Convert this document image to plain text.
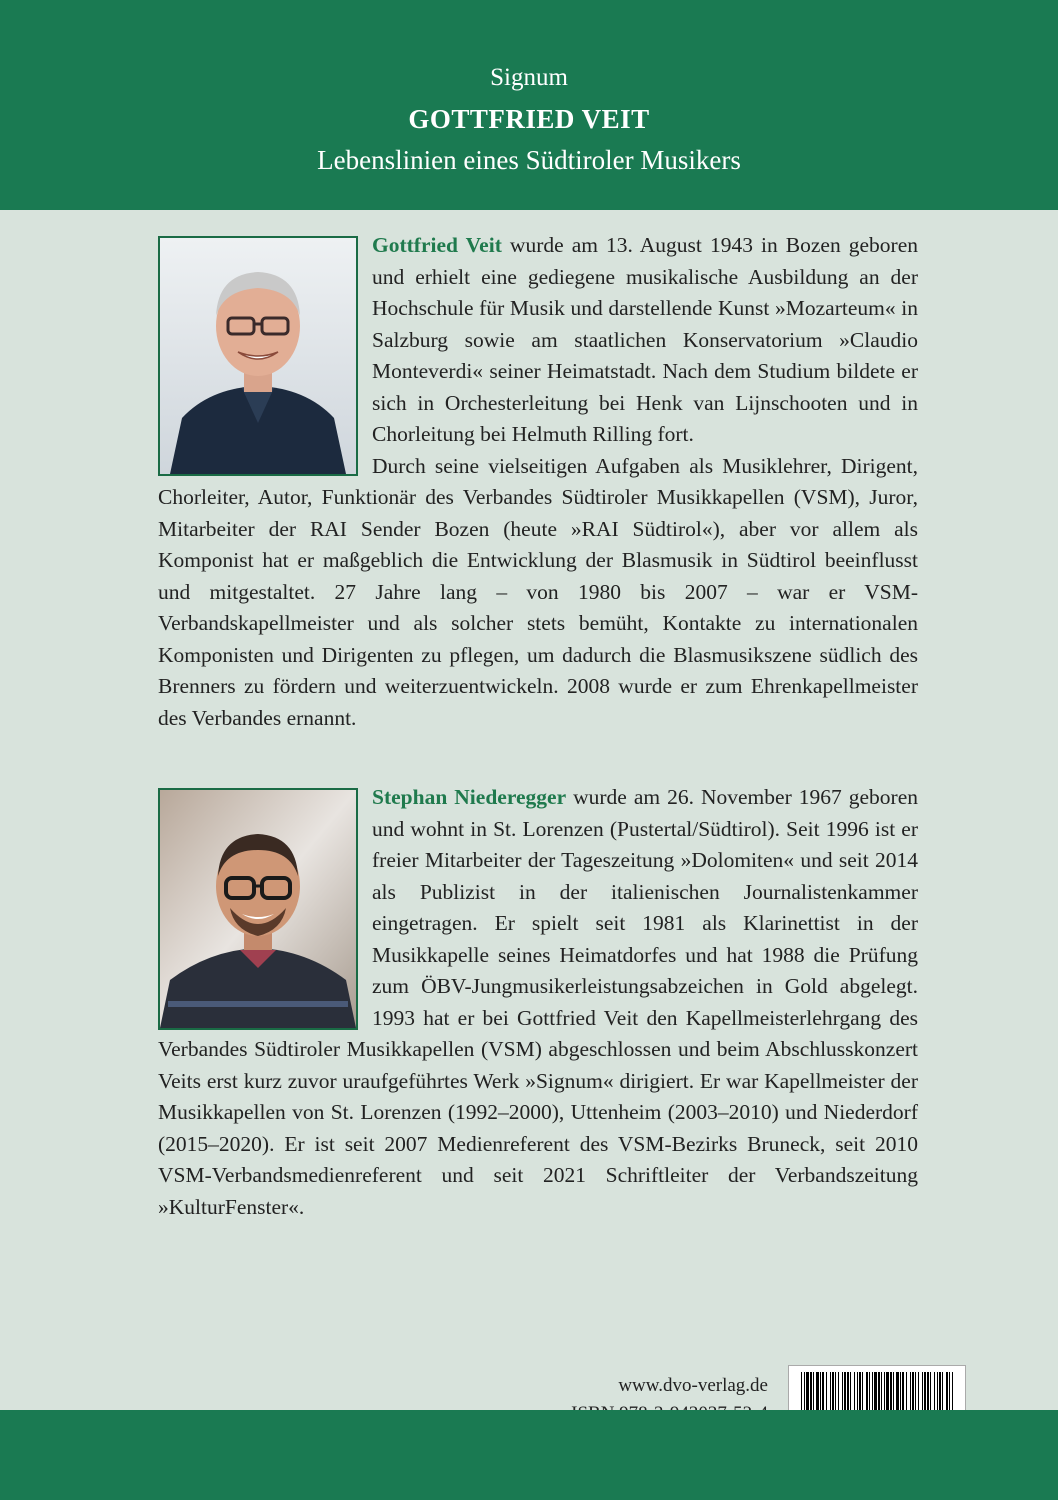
Signum
GOTTFRIED VEIT
Lebenslinien eines Südtiroler Musikers

Gottfried Veit wurde am 13. August 1943 in Bozen geboren und erhielt eine gediegene musikalische Ausbildung an der Hochschule für Musik und darstellende Kunst »Mozarteum« in Salzburg sowie am staatlichen Konservatorium »Claudio Monteverdi« seiner Heimatstadt. Nach dem Studium bildete er sich in Orchesterleitung bei Henk van Lijnschooten und in Chorleitung bei Helmuth Rilling fort.

Durch seine vielseitigen Aufgaben als Musiklehrer, Dirigent, Chorleiter, Autor, Funktionär des Verbandes Südtiroler Musikkapellen (VSM), Juror, Mitarbeiter der RAI Sender Bozen (heute »RAI Südtirol«), aber vor allem als Komponist hat er maßgeblich die Entwicklung der Blasmusik in Südtirol beeinflusst und mitgestaltet. 27 Jahre lang – von 1980 bis 2007 – war er VSM-Verbandskapellmeister und als solcher stets bemüht, Kontakte zu internationalen Komponisten und Dirigenten zu pflegen, um dadurch die Blasmusikszene südlich des Brenners zu fördern und weiterzuentwickeln. 2008 wurde er zum Ehrenkapellmeister des Verbandes ernannt.

Stephan Niederegger wurde am 26. November 1967 geboren und wohnt in St. Lorenzen (Pustertal/Südtirol). Seit 1996 ist er freier Mitarbeiter der Tageszeitung »Dolomiten« und seit 2014 als Publizist in der italienischen Journalistenkammer eingetragen. Er spielt seit 1981 als Klarinettist in der Musikkapelle seines Heimatdorfes und hat 1988 die Prüfung zum ÖBV-Jungmusikerleistungsabzeichen in Gold abgelegt. 1993 hat er bei Gottfried Veit den Kapellmeisterlehrgang des Verbandes Südtiroler Musikkapellen (VSM) abgeschlossen und beim Abschlusskonzert Veits erst kurz zuvor uraufgeführtes Werk »Signum« dirigiert. Er war Kapellmeister der Musikkapellen von St. Lorenzen (1992–2000), Uttenheim (2003–2010) und Niederdorf (2015–2020). Er ist seit 2007 Medienreferent des VSM-Bezirks Bruneck, seit 2010 VSM-Verbandsmedienreferent und seit 2021 Schriftleiter der Verbandszeitung »KulturFenster«.

www.dvo-verlag.de
